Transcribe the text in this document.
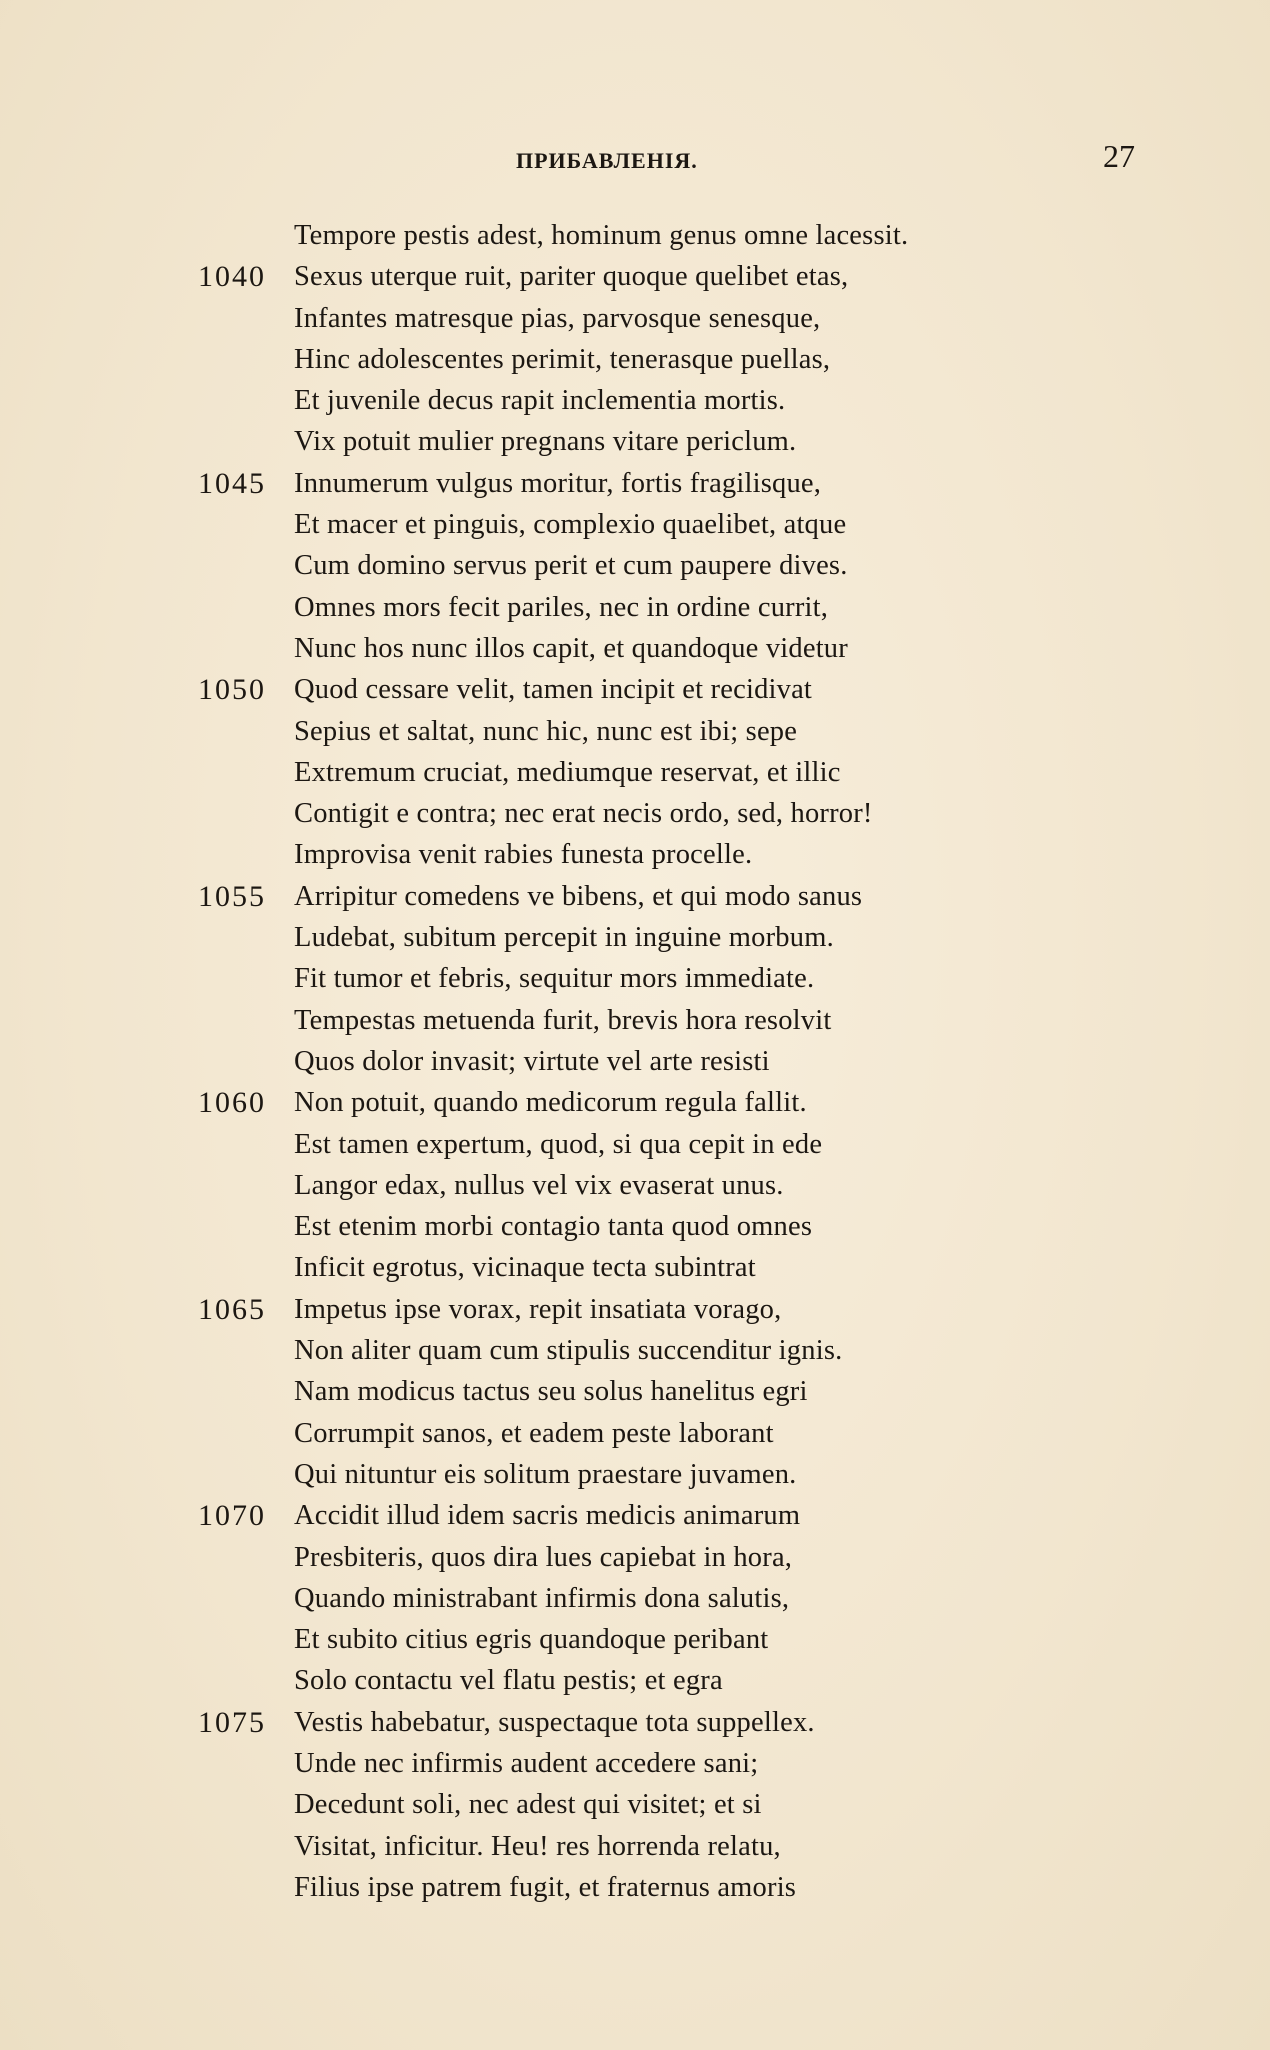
ПРИБАВЛЕНIЯ.	27
Tempore pestis adest, hominum genus omne lacessit.
1040 Sexus uterque ruit, pariter quoque quelibet etas,
Infantes matresque pias, parvosque senesque,
Hinc adolescentes perimit, tenerasque puellas,
Et juvenile decus rapit inclementia mortis.
Vix potuit mulier pregnans vitare periclum.
1045 Innumerum vulgus moritur, fortis fragilisque,
Et macer et pinguis, complexio quaelibet, atque
Cum domino servus perit et cum paupere dives.
Omnes mors fecit pariles, nec in ordine currit,
Nunc hos nunc illos capit, et quandoque videtur
1050 Quod cessare velit, tamen incipit et recidivat
Sepius et saltat, nunc hic, nunc est ibi; sepe
Extremum cruciat, mediumque reservat, et illic
Contigit e contra; nec erat necis ordo, sed, horror!
Improvisa venit rabies funesta procelle.
1055 Arripitur comedens ve bibens, et qui modo sanus
Ludebat, subitum percepit in inguine morbum.
Fit tumor et febris, sequitur mors immediate.
Tempestas metuenda furit, brevis hora resolvit
Quos dolor invasit; virtute vel arte resisti
1060 Non potuit, quando medicorum regula fallit.
Est tamen expertum, quod, si qua cepit in ede
Langor edax, nullus vel vix evaserat unus.
Est etenim morbi contagio tanta quod omnes
Inficit egrotus, vicinaque tecta subintrat
1065 Impetus ipse vorax, repit insatiata vorago,
Non aliter quam cum stipulis succenditur ignis.
Nam modicus tactus seu solus hanelitus egri
Corrumpit sanos, et eadem peste laborant
Qui nituntur eis solitum praestare juvamen.
1070 Accidit illud idem sacris medicis animarum
Presbiteris, quos dira lues capiebat in hora,
Quando ministrabant infirmis dona salutis,
Et subito citius egris quandoque peribant
Solo contactu vel flatu pestis; et egra
1075 Vestis habebatur, suspectaque tota suppellex.
Unde nec infirmis audent accedere sani;
Decedunt soli, nec adest qui visitet; et si
Visitat, inficitur. Heu! res horrenda relatu,
Filius ipse patrem fugit, et fraternus amoris
